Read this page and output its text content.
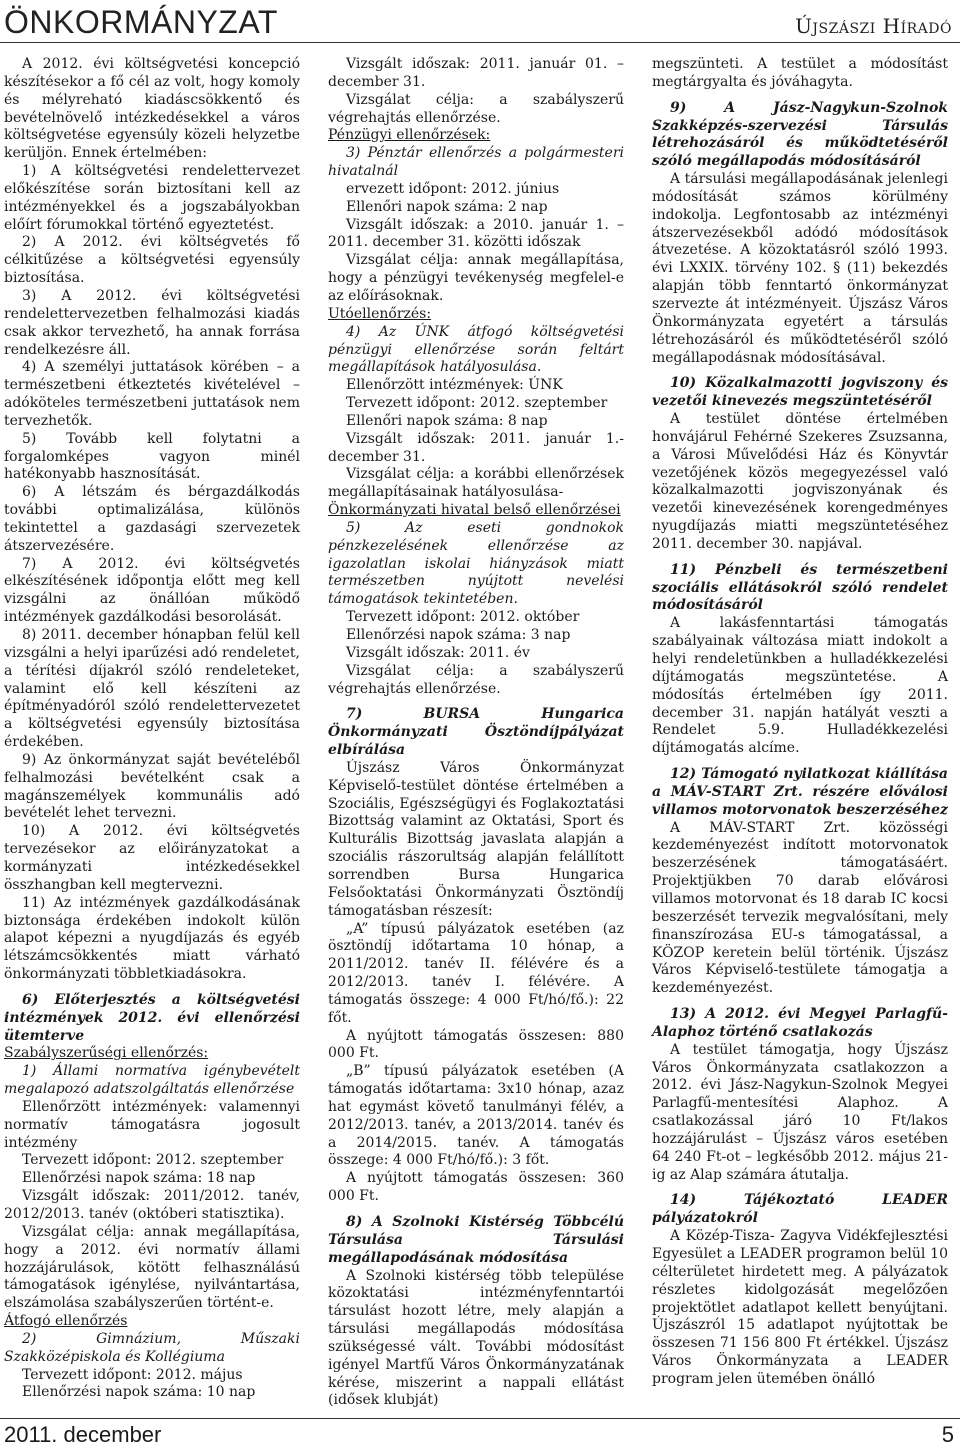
ÖNKORMÁNYZAT	Újszászi Híradó

A 2012. évi költségvetési koncepció készítésekor a fő cél az volt, hogy komoly és mélyreható kiadáscsökkentő és bevételnövelő intézkedésekkel a város költségvetése egyensúly közeli helyzetbe kerüljön. Ennek értelmében:

1) A költségvetési rendelettervezet előkészítése során biztosítani kell az intézményekkel és a jogszabályokban előírt fórumokkal történő egyeztetést.

2) A 2012. évi költségvetés fő célkitűzése a költségvetési egyensúly biztosítása.

3) A 2012. évi költségvetési rendelettervezetben felhalmozási kiadás csak akkor tervezhető, ha annak forrása rendelkezésre áll.

4) A személyi juttatások körében – a természetbeni étkeztetés kivételével – adóköteles természetbeni juttatások nem tervezhetők.

5) Tovább kell folytatni a forgalomképes vagyon minél hatékonyabb hasznosítását.

6) A létszám és bérgazdálkodás további optimalizálása, különös tekintettel a gazdasági szervezetek átszervezésére.

7) A 2012. évi költségvetés elkészítésének időpontja előtt meg kell vizsgálni az önállóan működő intézmények gazdálkodási besorolását.

8) 2011. december hónapban felül kell vizsgálni a helyi iparűzési adó rendeletet, a térítési díjakról szóló rendeleteket, valamint elő kell készíteni az építményadóról szóló rendelettervezetet a költségvetési egyensúly biztosítása érdekében.

9) Az önkormányzat saját bevételéből felhalmozási bevételként csak a magánszemélyek kommunális adó bevételét lehet tervezni.

10) A 2012. évi költségvetés tervezésekor az előirányzatokat a kormányzati intézkedésekkel összhangban kell megtervezni.

11) Az intézmények gazdálkodásának biztonsága érdekében indokolt külön alapot képezni a nyugdíjazás és egyéb létszámcsökkentés miatt várható önkormányzati többletkiadásokra.

6) Előterjesztés a költségvetési intézmények 2012. évi ellenőrzési ütemterve

Szabályszerűségi ellenőrzés:

1) Állami normatíva igénybevételt megalapozó adatszolgáltatás ellenőrzése

Ellenőrzött intézmények: valamennyi normatív támogatásra jogosult intézmény

Tervezett időpont: 2012. szeptember

Ellenőrzési napok száma: 18 nap

Vizsgált időszak: 2011/2012. tanév, 2012/2013. tanév (októberi statisztika).

Vizsgálat célja: annak megállapítása, hogy a 2012. évi normatív állami hozzájárulások, kötött felhasználású támogatások igénylése, nyilvántartása, elszámolása szabályszerűen történt-e.

Átfogó ellenőrzés

2) Gimnázium, Műszaki Szakközépiskola és Kollégiuma

Tervezett időpont: 2012. május

Ellenőrzési napok száma: 10 nap

Vizsgált időszak: 2011. január 01. – december 31.

Vizsgálat célja: a szabályszerű végrehajtás ellenőrzése.

Pénzügyi ellenőrzések:

3) Pénztár ellenőrzés a polgármesteri hivatalnál

ervezett időpont: 2012. június

Ellenőri napok száma: 2 nap

Vizsgált időszak: a 2010. január 1. – 2011. december 31. közötti időszak

Vizsgálat célja: annak megállapítása, hogy a pénzügyi tevékenység megfelel-e az előírásoknak.

Utóellenőrzés:

4) Az ÚNK átfogó költségvetési pénzügyi ellenőrzése során feltárt megállapítások hatályosulása.

Ellenőrzött intézmények: ÚNK

Tervezett időpont: 2012. szeptember

Ellenőri napok száma: 8 nap

Vizsgált időszak: 2011. január 1.-december 31.

Vizsgálat célja: a korábbi ellenőrzések megállapításainak hatályosulása-

Önkormányzati hivatal belső ellenőrzései

5) Az eseti gondnokok pénzkezelésének ellenőrzése az igazolatlan iskolai hiányzások miatt természetben nyújtott nevelési támogatások tekintetében.

Tervezett időpont: 2012. október

Ellenőrzési napok száma: 3 nap

Vizsgált időszak: 2011. év

Vizsgálat célja: a szabályszerű végrehajtás ellenőrzése.

7) BURSA Hungarica Önkormányzati Ösztöndíjpályázat elbírálása

Újszász Város Önkormányzat Képviselő-testület döntése értelmében a Szociális, Egészségügyi és Foglakoztatási Bizottság valamint az Oktatási, Sport és Kulturális Bizottság javaslata alapján a szociális rászorultság alapján felállított sorrendben Bursa Hungarica Felsőoktatási Önkormányzati Ösztöndíj támogatásban részesít:

„A” típusú pályázatok esetében (az ösztöndíj időtartama 10 hónap, a 2011/2012. tanév II. félévére és a 2012/2013. tanév I. félévére. A támogatás összege: 4 000 Ft/hó/fő.): 22 főt.

A nyújtott támogatás összesen: 880 000 Ft.

„B” típusú pályázatok esetében (A támogatás időtartama: 3x10 hónap, azaz hat egymást követő tanulmányi félév, a 2012/2013. tanév, a 2013/2014. tanév és a 2014/2015. tanév. A támogatás összege: 4 000 Ft/hó/fő.): 3 főt.

A nyújtott támogatás összesen: 360 000 Ft.

8) A Szolnoki Kistérség Többcélú Társulása Társulási megállapodásának módosítása

A Szolnoki kistérség több települése közoktatási intézményfenntartói társulást hozott létre, mely alapján a társulási megállapodás módosítása szükségessé vált. További módosítást igényel Martfű Város Önkormányzatának kérése, miszerint a nappali ellátást (idősek klubját)

megszünteti. A testület a módosítást megtárgyalta és jóváhagyta.

9) A Jász-Nagykun-Szolnok Szakképzés-szervezési Társulás létrehozásáról és működtetéséről szóló megállapodás módosításáról

A társulási megállapodásának jelenlegi módosítását számos körülmény indokolja. Legfontosabb az intézményi átszervezésekből adódó módosítások átvezetése. A közoktatásról szóló 1993. évi LXXIX. törvény 102. § (11) bekezdés alapján több fenntartó önkormányzat szervezte át intézményeit. Újszász Város Önkormányzata egyetért a társulás létrehozásáról és működtetéséről szóló megállapodásnak módosításával.

10) Közalkalmazotti jogviszony és vezetői kinevezés megszüntetéséről

A testület döntése értelmében honvájárul Fehérné Szekeres Zsuzsanna, a Városi Művelődési Ház és Könyvtár vezetőjének közös megegyezéssel való közalkalmazotti jogviszonyának és vezetői kinevezésének korengedményes nyugdíjazás miatti megszüntetéséhez 2011. december 30. napjával.

11) Pénzbeli és természetbeni szociális ellátásokról szóló rendelet módosításáról

A lakásfenntartási támogatás szabályainak változása miatt indokolt a helyi rendeletünkben a hulladékkezelési díjtámogatás megszüntetése. A módosítás értelmében így 2011. december 31. napján hatályát veszti a Rendelet 5.9. Hulladékkezelési díjtámogatás alcíme.

12) Támogató nyilatkozat kiállítása a MÁV-START Zrt. részére előválosi villamos motorvonatok beszerzéséhez

A MÁV-START Zrt. közösségi kezdeményezést indított motorvonatok beszerzésének támogatásáért. Projektjükben 70 darab elővárosi villamos motorvonat és 18 darab IC kocsi beszerzését tervezik megvalósítani, mely finanszírozása EU-s támogatással, a KÖZOP keretein belül történik. Újszász Város Képviselő-testülete támogatja a kezdeményezést.

13) A 2012. évi Megyei Parlagfű-Alaphoz történő csatlakozás

A testület támogatja, hogy Újszász Város Önkormányzata csatlakozzon a 2012. évi Jász-Nagykun-Szolnok Megyei Parlagfű-mentesítési Alaphoz. A csatlakozással járó 10 Ft/lakos hozzájárulást – Újszász város esetében 64 240 Ft-ot – legkésőbb 2012. május 21-ig az Alap számára átutalja.

14) Tájékoztató LEADER pályázatokról

A Közép-Tisza- Zagyva Vidékfejlesztési Egyesület a LEADER programon belül 10 célterületet hirdetett meg. A pályázatok részletes kidolgozását megelőzően projektötlet adatlapot kellett benyújtani. Újszászról 15 adatlapot nyújtottak be összesen 71 156 800 Ft értékkel. Újszász Város Önkormányzata a LEADER program jelen ütemében önálló

2011. december	5
